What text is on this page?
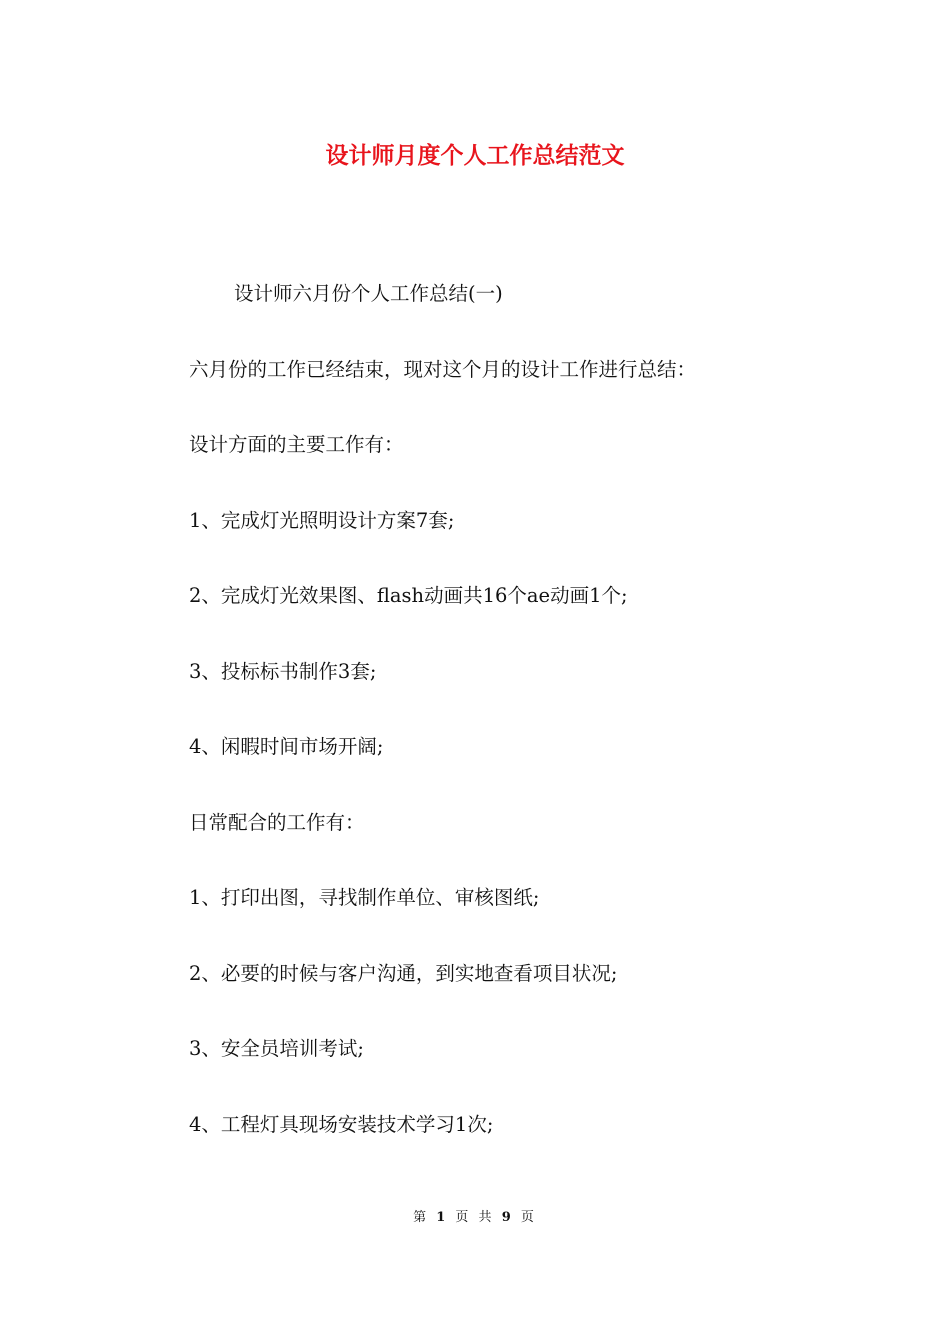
设计师月度个人工作总结范文
设计师六月份个人工作总结(一)
六月份的工作已经结束，现对这个月的设计工作进行总结：
设计方面的主要工作有：
1、完成灯光照明设计方案7套;
2、完成灯光效果图、flash动画共16个ae动画1个;
3、投标标书制作3套;
4、闲暇时间市场开阔;
日常配合的工作有：
1、打印出图，寻找制作单位、审核图纸;
2、必要的时候与客户沟通，到实地查看项目状况;
3、安全员培训考试;
4、工程灯具现场安装技术学习1次;
第 1 页 共 9 页
